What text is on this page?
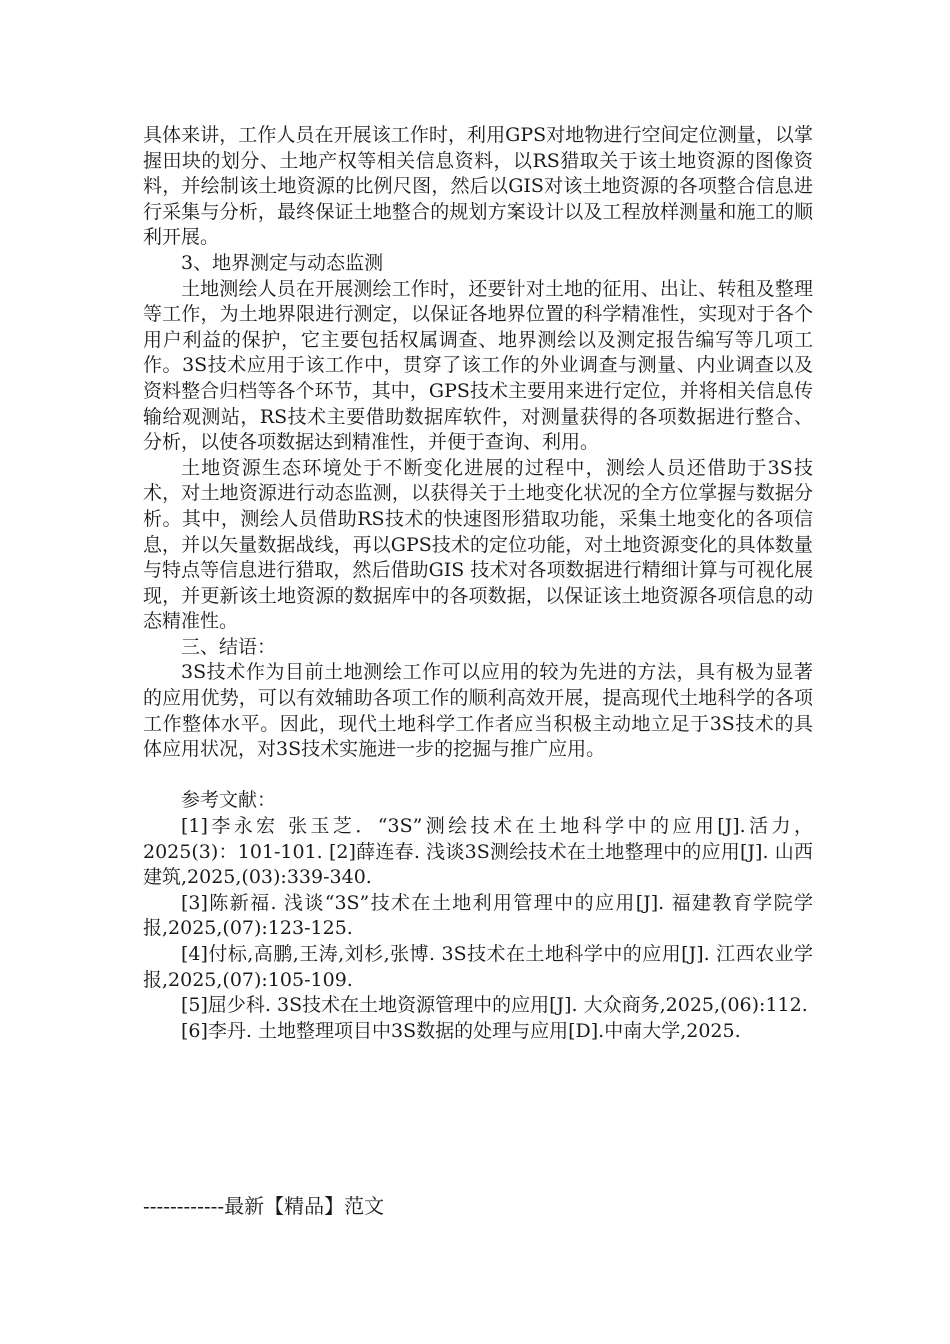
具体来讲，工作人员在开展该工作时，利用GPS对地物进行空间定位测量，以掌握田块的划分、土地产权等相关信息资料，以RS猎取关于该土地资源的图像资料，并绘制该土地资源的比例尺图，然后以GIS对该土地资源的各项整合信息进行采集与分析，最终保证土地整合的规划方案设计以及工程放样测量和施工的顺利开展。

3、地界测定与动态监测

土地测绘人员在开展测绘工作时，还要针对土地的征用、出让、转租及整理等工作，为土地界限进行测定，以保证各地界位置的科学精准性，实现对于各个用户利益的保护，它主要包括权属调查、地界测绘以及测定报告编写等几项工作。3S技术应用于该工作中，贯穿了该工作的外业调查与测量、内业调查以及资料整合归档等各个环节，其中，GPS技术主要用来进行定位，并将相关信息传输给观测站，RS技术主要借助数据库软件，对测量获得的各项数据进行整合、分析，以使各项数据达到精准性，并便于查询、利用。

土地资源生态环境处于不断变化进展的过程中，测绘人员还借助于3S技术，对土地资源进行动态监测，以获得关于土地变化状况的全方位掌握与数据分析。其中，测绘人员借助RS技术的快速图形猎取功能，采集土地变化的各项信息，并以矢量数据战线，再以GPS技术的定位功能，对土地资源变化的具体数量与特点等信息进行猎取，然后借助GIS 技术对各项数据进行精细计算与可视化展现，并更新该土地资源的数据库中的各项数据，以保证该土地资源各项信息的动态精准性。

三、结语：

3S技术作为目前土地测绘工作可以应用的较为先进的方法，具有极为显著的应用优势，可以有效辅助各项工作的顺利高效开展，提高现代土地科学的各项工作整体水平。因此，现代土地科学工作者应当积极主动地立足于3S技术的具体应用状况，对3S技术实施进一步的挖掘与推广应用。

参考文献：

[1]李永宏 张玉芝．“3S”测绘技术在土地科学中的应用[J].活力，2025(3)：101-101. [2]薛连春. 浅谈3S测绘技术在土地整理中的应用[J]. 山西建筑,2025,(03):339-340.

[3]陈新福. 浅谈“3S”技术在土地利用管理中的应用[J]. 福建教育学院学报,2025,(07):123-125.

[4]付标,高鹏,王涛,刘杉,张博. 3S技术在土地科学中的应用[J]. 江西农业学报,2025,(07):105-109.

[5]屈少科. 3S技术在土地资源管理中的应用[J]. 大众商务,2025,(06):112.

[6]李丹. 土地整理项目中3S数据的处理与应用[D].中南大学,2025.

------------最新【精品】范文
